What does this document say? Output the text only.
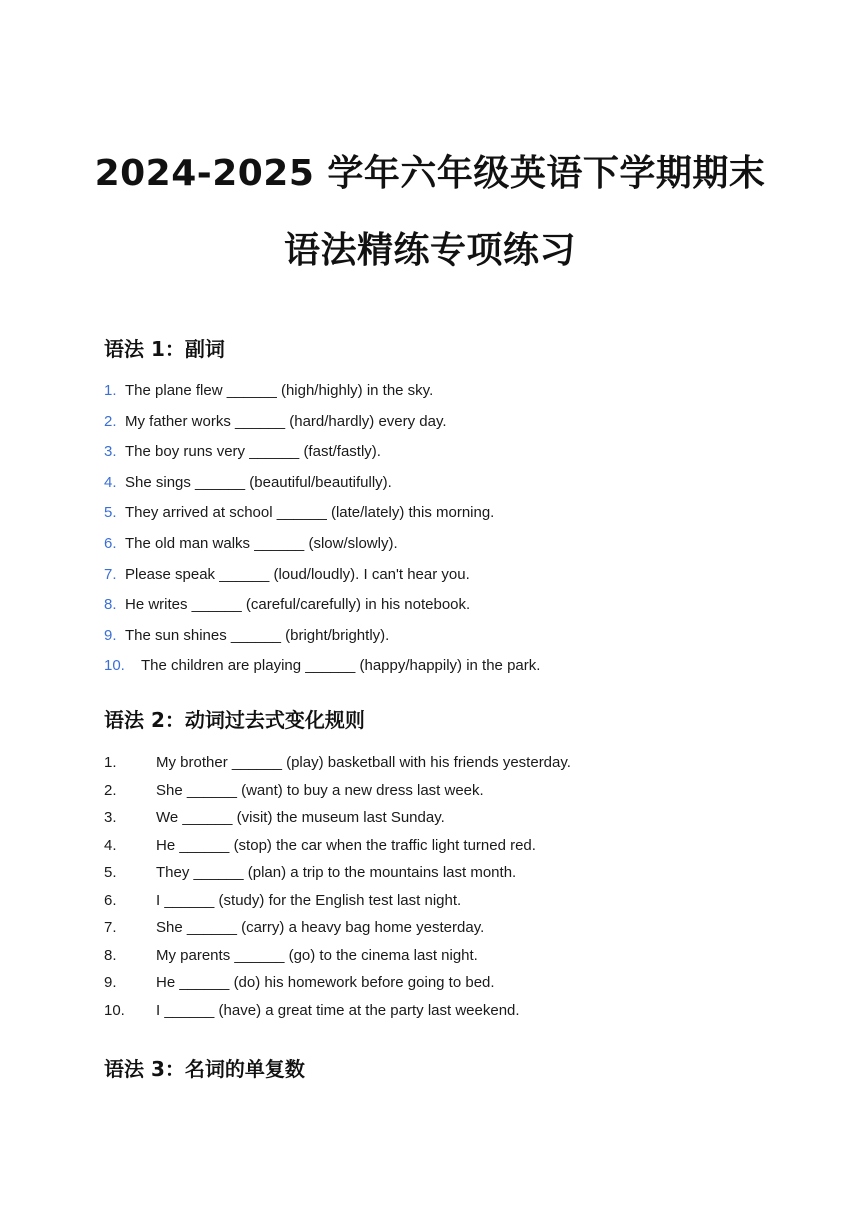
2024-2025 学年六年级英语下学期期末
语法精练专项练习
语法 1：副词
1. The plane flew ______ (high/highly) in the sky.
2. My father works ______ (hard/hardly) every day.
3. The boy runs very ______ (fast/fastly).
4. She sings ______ (beautiful/beautifully).
5. They arrived at school ______ (late/lately) this morning.
6. The old man walks ______ (slow/slowly).
7. Please speak ______ (loud/loudly). I can't hear you.
8. He writes ______ (careful/carefully) in his notebook.
9. The sun shines ______ (bright/brightly).
10. The children are playing ______ (happy/happily) in the park.
语法 2：动词过去式变化规则
1.	My brother ______ (play) basketball with his friends yesterday.
2.	She ______ (want) to buy a new dress last week.
3.	We ______ (visit) the museum last Sunday.
4.	He ______ (stop) the car when the traffic light turned red.
5.	They ______ (plan) a trip to the mountains last month.
6.	I ______ (study) for the English test last night.
7.	She ______ (carry) a heavy bag home yesterday.
8.	My parents ______ (go) to the cinema last night.
9.	He ______ (do) his homework before going to bed.
10. I ______ (have) a great time at the party last weekend.
语法 3：名词的单复数
